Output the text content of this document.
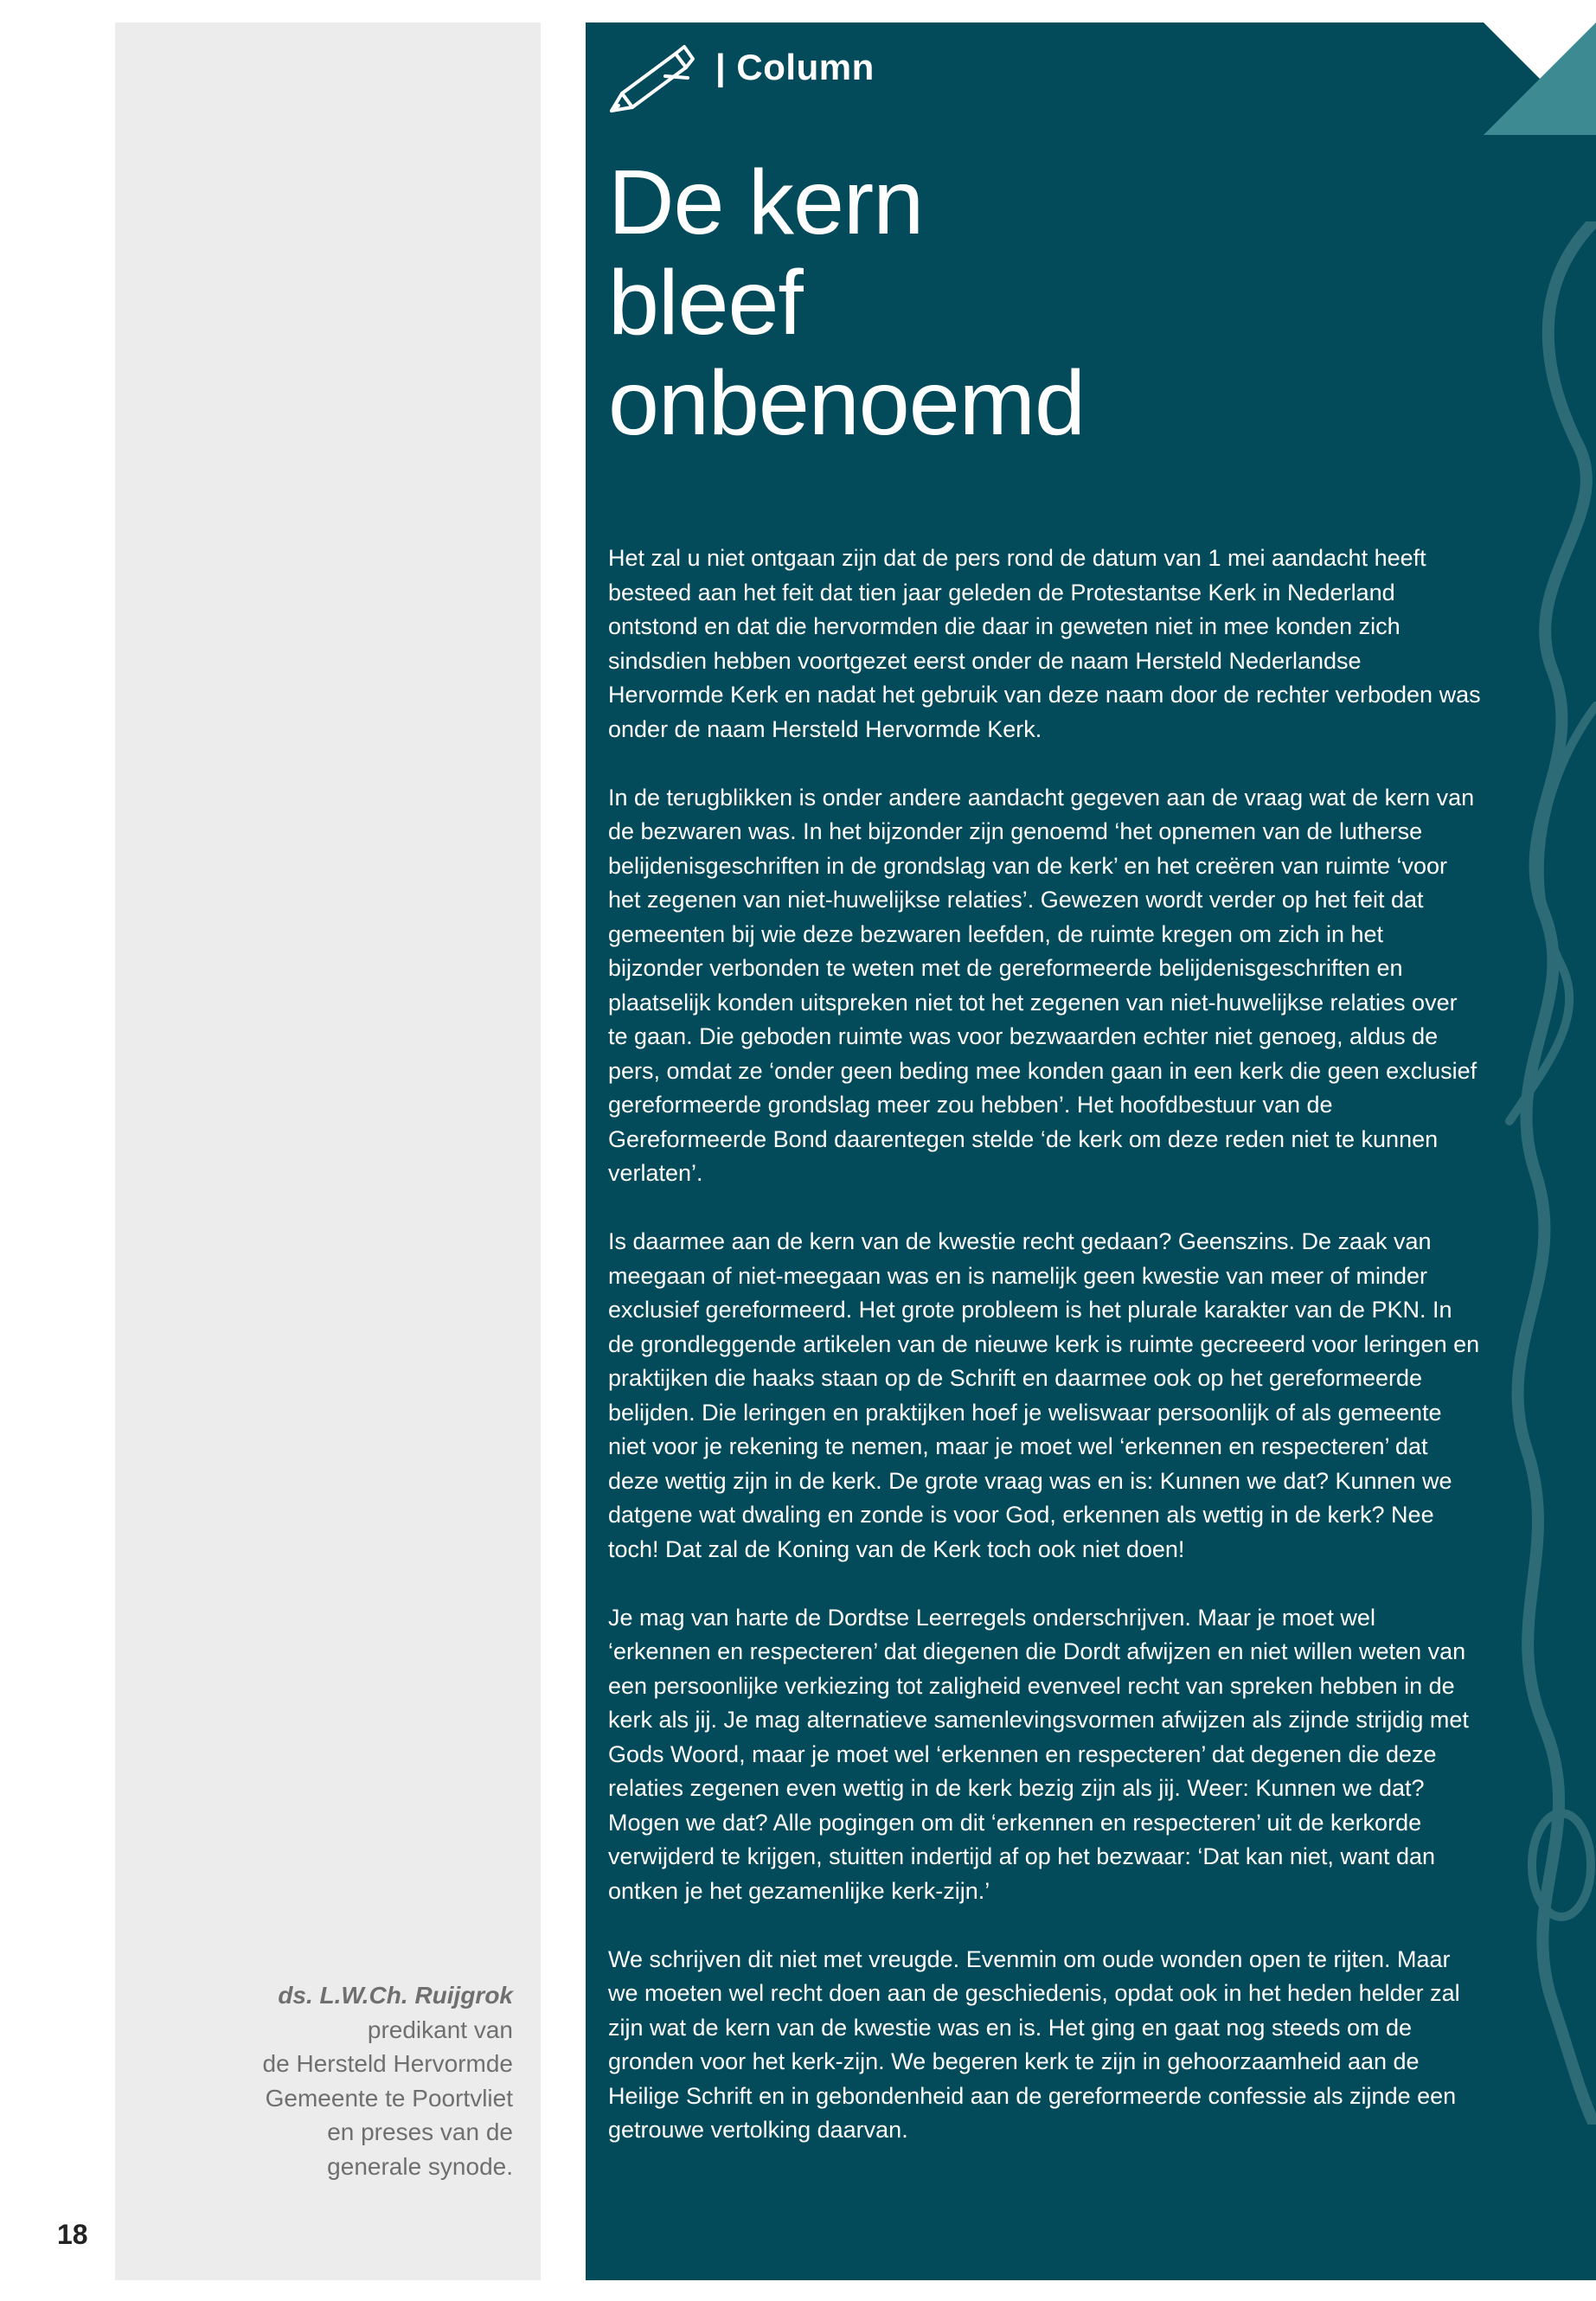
ds. L.W.Ch. Ruijgrok
predikant van
de Hersteld Hervormde
Gemeente te Poortvliet
en preses van de
generale synode.
18
| Column
De kern
bleef
onbenoemd

Het zal u niet ontgaan zijn dat de pers rond de datum van 1 mei aandacht heeft besteed aan het feit dat tien jaar geleden de Protestantse Kerk in Nederland ontstond en dat die hervormden die daar in geweten niet in mee konden zich sindsdien hebben voortgezet eerst onder de naam Hersteld Nederlandse Hervormde Kerk en nadat het gebruik van deze naam door de rechter verboden was onder de naam Hersteld Hervormde Kerk.

In de terugblikken is onder andere aandacht gegeven aan de vraag wat de kern van de bezwaren was. In het bijzonder zijn genoemd ‘het opnemen van de lutherse belijdenisgeschriften in de grondslag van de kerk’ en het creëren van ruimte ‘voor het zegenen van niet-huwelijkse relaties’. Gewezen wordt verder op het feit dat gemeenten bij wie deze bezwaren leefden, de ruimte kregen om zich in het bijzonder verbonden te weten met de gereformeerde belijdenisgeschriften en plaatselijk konden uitspreken niet tot het zegenen van niet-huwelijkse relaties over te gaan. Die geboden ruimte was voor bezwaarden echter niet genoeg, aldus de pers, omdat ze ‘onder geen beding mee konden gaan in een kerk die geen exclusief gereformeerde grondslag meer zou hebben’. Het hoofdbestuur van de Gereformeerde Bond daarentegen stelde ‘de kerk om deze reden niet te kunnen verlaten’.

Is daarmee aan de kern van de kwestie recht gedaan? Geenszins. De zaak van meegaan of niet-meegaan was en is namelijk geen kwestie van meer of minder exclusief gereformeerd. Het grote probleem is het plurale karakter van de PKN. In de grondleggende artikelen van de nieuwe kerk is ruimte gecreeerd voor leringen en praktijken die haaks staan op de Schrift en daarmee ook op het gereformeerde belijden. Die leringen en praktijken hoef je weliswaar persoonlijk of als gemeente niet voor je rekening te nemen, maar je moet wel ‘erkennen en respecteren’ dat deze wettig zijn in de kerk. De grote vraag was en is: Kunnen we dat? Kunnen we datgene wat dwaling en zonde is voor God, erkennen als wettig in de kerk? Nee toch! Dat zal de Koning van de Kerk toch ook niet doen!

Je mag van harte de Dordtse Leerregels onderschrijven. Maar je moet wel ‘erkennen en respecteren’ dat diegenen die Dordt afwijzen en niet willen weten van een persoonlijke verkiezing tot zaligheid evenveel recht van spreken hebben in de kerk als jij. Je mag alternatieve samenlevingsvormen afwijzen als zijnde strijdig met Gods Woord, maar je moet wel ‘erkennen en respecteren’ dat degenen die deze relaties zegenen even wettig in de kerk bezig zijn als jij. Weer: Kunnen we dat? Mogen we dat? Alle pogingen om dit ‘erkennen en respecteren’ uit de kerkorde verwijderd te krijgen, stuitten indertijd af op het bezwaar: ‘Dat kan niet, want dan ontken je het gezamenlijke kerk-zijn.’

We schrijven dit niet met vreugde. Evenmin om oude wonden open te rijten. Maar we moeten wel recht doen aan de geschiedenis, opdat ook in het heden helder zal zijn wat de kern van de kwestie was en is. Het ging en gaat nog steeds om de gronden voor het kerk-zijn. We begeren kerk te zijn in gehoorzaamheid aan de Heilige Schrift en in gebondenheid aan de gereformeerde confessie als zijnde een getrouwe vertolking daarvan.
